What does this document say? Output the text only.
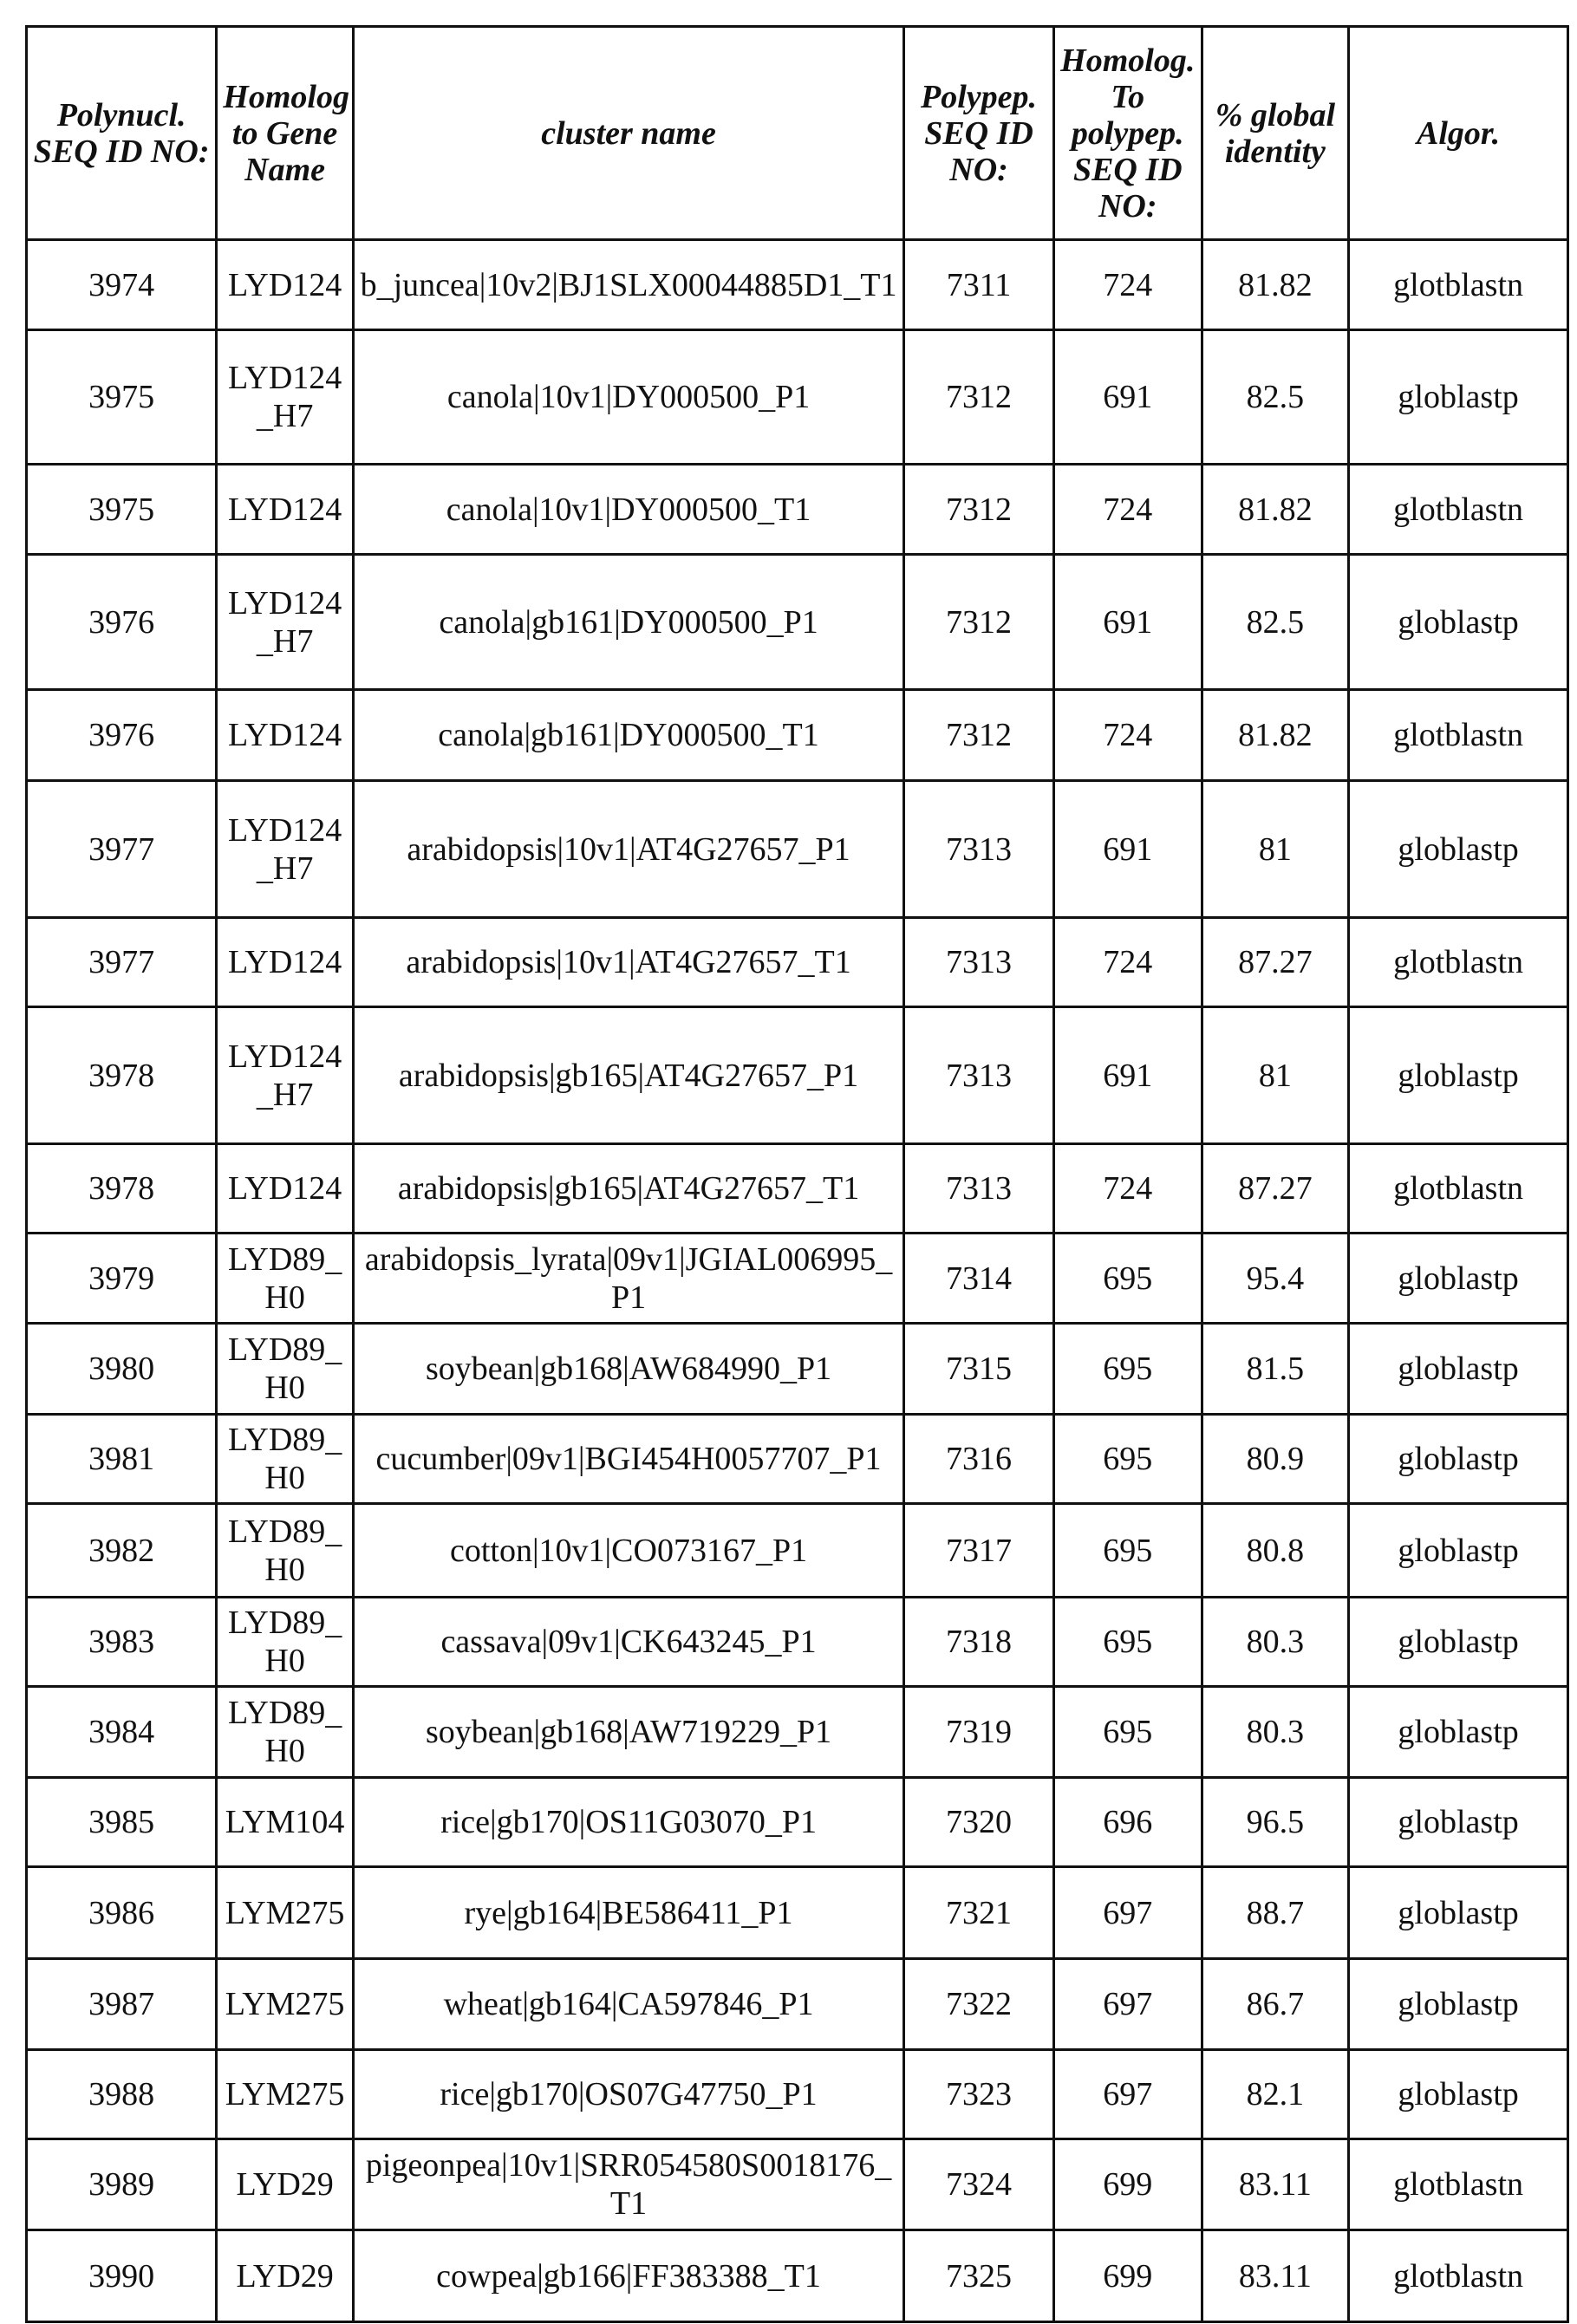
Polynucl. SEQ ID NO:	Homolog to Gene Name	cluster name	Polypep. SEQ ID NO:	Homolog. To polypep. SEQ ID NO:	% global identity	Algor.
3974	LYD124	b_juncea|10v2|BJ1SLX00044885D1_T1	7311	724	81.82	glotblastn
3975	LYD124_H7	canola|10v1|DY000500_P1	7312	691	82.5	globlastp
3975	LYD124	canola|10v1|DY000500_T1	7312	724	81.82	glotblastn
3976	LYD124_H7	canola|gb161|DY000500_P1	7312	691	82.5	globlastp
3976	LYD124	canola|gb161|DY000500_T1	7312	724	81.82	glotblastn
3977	LYD124_H7	arabidopsis|10v1|AT4G27657_P1	7313	691	81	globlastp
3977	LYD124	arabidopsis|10v1|AT4G27657_T1	7313	724	87.27	glotblastn
3978	LYD124_H7	arabidopsis|gb165|AT4G27657_P1	7313	691	81	globlastp
3978	LYD124	arabidopsis|gb165|AT4G27657_T1	7313	724	87.27	glotblastn
3979	LYD89_H0	arabidopsis_lyrata|09v1|JGIAL006995_P1	7314	695	95.4	globlastp
3980	LYD89_H0	soybean|gb168|AW684990_P1	7315	695	81.5	globlastp
3981	LYD89_H0	cucumber|09v1|BGI454H0057707_P1	7316	695	80.9	globlastp
3982	LYD89_H0	cotton|10v1|CO073167_P1	7317	695	80.8	globlastp
3983	LYD89_H0	cassava|09v1|CK643245_P1	7318	695	80.3	globlastp
3984	LYD89_H0	soybean|gb168|AW719229_P1	7319	695	80.3	globlastp
3985	LYM104	rice|gb170|OS11G03070_P1	7320	696	96.5	globlastp
3986	LYM275	rye|gb164|BE586411_P1	7321	697	88.7	globlastp
3987	LYM275	wheat|gb164|CA597846_P1	7322	697	86.7	globlastp
3988	LYM275	rice|gb170|OS07G47750_P1	7323	697	82.1	globlastp
3989	LYD29	pigeonpea|10v1|SRR054580S0018176_T1	7324	699	83.11	glotblastn
3990	LYD29	cowpea|gb166|FF383388_T1	7325	699	83.11	glotblastn
